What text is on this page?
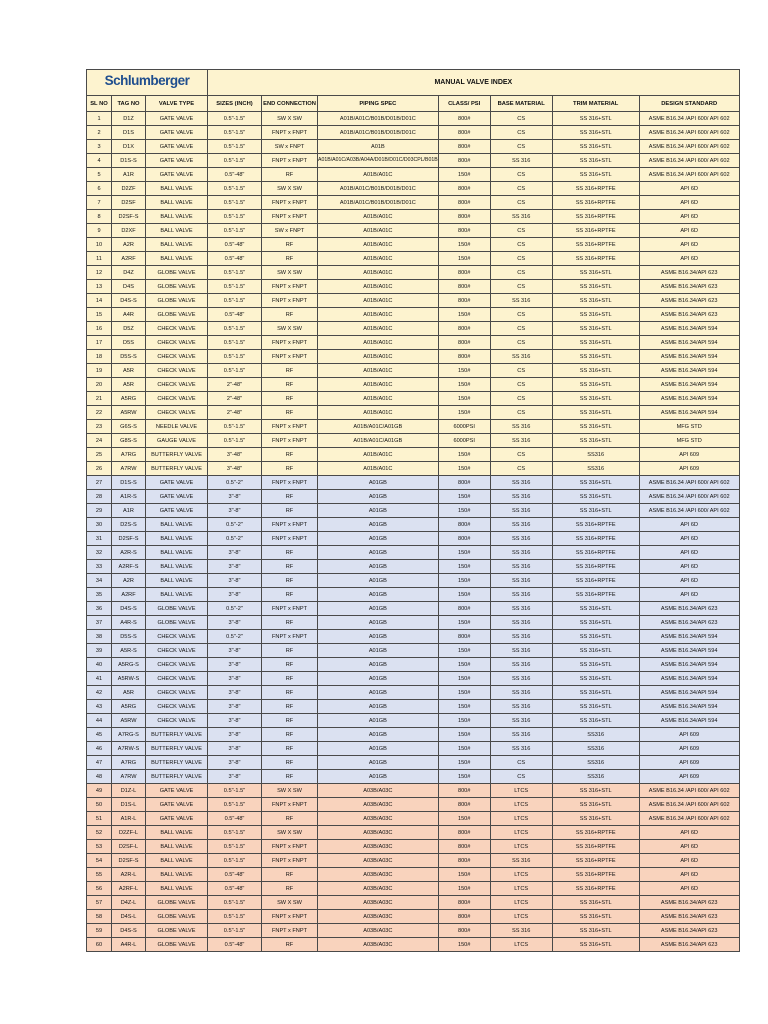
Schlumberger			MANUAL VALVE INDEX						
SL NO	TAG NO	VALVE TYPE	SIZES (INCH)	END CONNECTION	PIPING SPEC	CLASS/ PSI	BASE MATERIAL	TRIM MATERIAL	DESIGN STANDARD
1	D1Z	GATE VALVE	0.5"-1.5"	SW X SW	A01B/A01C/B01B/D01B/D01C	800#	CS	SS 316+STL	ASME B16.34 /API 600/ API 602
2	D1S	GATE VALVE	0.5"-1.5"	FNPT x FNPT	A01B/A01C/B01B/D01B/D01C	800#	CS	SS 316+STL	ASME B16.34 /API 600/ API 602
3	D1X	GATE VALVE	0.5"-1.5"	SW x FNPT	A01B	800#	CS	SS 316+STL	ASME B16.34 /API 600/ API 602
4	D1S-S	GATE VALVE	0.5"-1.5"	FNPT x FNPT	A01B/A01C/A03B/A04A/D01B/D01C/D03CPL/B01B	800#	SS 316	SS 316+STL	ASME B16.34 /API 600/ API 602
5	A1R	GATE VALVE	0.5"-48"	RF	A01B/A01C	150#	CS	SS 316+STL	ASME B16.34 /API 600/ API 602
6	D2ZF	BALL VALVE	0.5"-1.5"	SW X SW	A01B/A01C/B01B/D01B/D01C	800#	CS	SS 316+RPTFE	API 6D
7	D2SF	BALL VALVE	0.5"-1.5"	FNPT x FNPT	A01B/A01C/B01B/D01B/D01C	800#	CS	SS 316+RPTFE	API 6D
8	D2SF-S	BALL VALVE	0.5"-1.5"	FNPT x FNPT	A01B/A01C	800#	SS 316	SS 316+RPTFE	API 6D
9	D2XF	BALL VALVE	0.5"-1.5"	SW x FNPT	A01B/A01C	800#	CS	SS 316+RPTFE	API 6D
10	A2R	BALL VALVE	0.5"-48"	RF	A01B/A01C	150#	CS	SS 316+RPTFE	API 6D
11	A2RF	BALL VALVE	0.5"-48"	RF	A01B/A01C	150#	CS	SS 316+RPTFE	API 6D
12	D4Z	GLOBE VALVE	0.5"-1.5"	SW X SW	A01B/A01C	800#	CS	SS 316+STL	ASME B16.34/API 623
13	D4S	GLOBE VALVE	0.5"-1.5"	FNPT x FNPT	A01B/A01C	800#	CS	SS 316+STL	ASME B16.34/API 623
14	D4S-S	GLOBE VALVE	0.5"-1.5"	FNPT x FNPT	A01B/A01C	800#	SS 316	SS 316+STL	ASME B16.34/API 623
15	A4R	GLOBE VALVE	0.5"-48"	RF	A01B/A01C	150#	CS	SS 316+STL	ASME B16.34/API 623
16	D5Z	CHECK VALVE	0.5"-1.5"	SW X SW	A01B/A01C	800#	CS	SS 316+STL	ASME B16.34/API 594
17	D5S	CHECK VALVE	0.5"-1.5"	FNPT x FNPT	A01B/A01C	800#	CS	SS 316+STL	ASME B16.34/API 594
18	D5S-S	CHECK VALVE	0.5"-1.5"	FNPT x FNPT	A01B/A01C	800#	SS 316	SS 316+STL	ASME B16.34/API 594
19	A5R	CHECK VALVE	0.5"-1.5"	RF	A01B/A01C	150#	CS	SS 316+STL	ASME B16.34/API 594
20	A5R	CHECK VALVE	2"-48"	RF	A01B/A01C	150#	CS	SS 316+STL	ASME B16.34/API 594
21	A5RG	CHECK VALVE	2"-48"	RF	A01B/A01C	150#	CS	SS 316+STL	ASME B16.34/API 594
22	A5RW	CHECK VALVE	2"-48"	RF	A01B/A01C	150#	CS	SS 316+STL	ASME B16.34/API 594
23	G6S-S	NEEDLE VALVE	0.5"-1.5"	FNPT x FNPT	A01B/A01C/A01GB	6000PSI	SS 316	SS 316+STL	MFG STD
24	G8S-S	GAUGE VALVE	0.5"-1.5"	FNPT x FNPT	A01B/A01C/A01GB	6000PSI	SS 316	SS 316+STL	MFG STD
25	A7RG	BUTTERFLY VALVE	3"-48"	RF	A01B/A01C	150#	CS	SS316	API 609
26	A7RW	BUTTERFLY VALVE	3"-48"	RF	A01B/A01C	150#	CS	SS316	API 609
27	D1S-S	GATE VALVE	0.5"-2"	FNPT x FNPT	A01GB	800#	SS 316	SS 316+STL	ASME B16.34 /API 600/ API 602
28	A1R-S	GATE VALVE	3"-8"	RF	A01GB	150#	SS 316	SS 316+STL	ASME B16.34 /API 600/ API 602
29	A1R	GATE VALVE	3"-8"	RF	A01GB	150#	SS 316	SS 316+STL	ASME B16.34 /API 600/ API 602
30	D2S-S	BALL VALVE	0.5"-2"	FNPT x FNPT	A01GB	800#	SS 316	SS 316+RPTFE	API 6D
31	D2SF-S	BALL VALVE	0.5"-2"	FNPT x FNPT	A01GB	800#	SS 316	SS 316+RPTFE	API 6D
32	A2R-S	BALL VALVE	3"-8"	RF	A01GB	150#	SS 316	SS 316+RPTFE	API 6D
33	A2RF-S	BALL VALVE	3"-8"	RF	A01GB	150#	SS 316	SS 316+RPTFE	API 6D
34	A2R	BALL VALVE	3"-8"	RF	A01GB	150#	SS 316	SS 316+RPTFE	API 6D
35	A2RF	BALL VALVE	3"-8"	RF	A01GB	150#	SS 316	SS 316+RPTFE	API 6D
36	D4S-S	GLOBE VALVE	0.5"-2"	FNPT x FNPT	A01GB	800#	SS 316	SS 316+STL	ASME B16.34/API 623
37	A4R-S	GLOBE VALVE	3"-8"	RF	A01GB	150#	SS 316	SS 316+STL	ASME B16.34/API 623
38	D5S-S	CHECK VALVE	0.5"-2"	FNPT x FNPT	A01GB	800#	SS 316	SS 316+STL	ASME B16.34/API 594
39	A5R-S	CHECK VALVE	3"-8"	RF	A01GB	150#	SS 316	SS 316+STL	ASME B16.34/API 594
40	A5RG-S	CHECK VALVE	3"-8"	RF	A01GB	150#	SS 316	SS 316+STL	ASME B16.34/API 594
41	A5RW-S	CHECK VALVE	3"-8"	RF	A01GB	150#	SS 316	SS 316+STL	ASME B16.34/API 594
42	A5R	CHECK VALVE	3"-8"	RF	A01GB	150#	SS 316	SS 316+STL	ASME B16.34/API 594
43	A5RG	CHECK VALVE	3"-8"	RF	A01GB	150#	SS 316	SS 316+STL	ASME B16.34/API 594
44	A5RW	CHECK VALVE	3"-8"	RF	A01GB	150#	SS 316	SS 316+STL	ASME B16.34/API 594
45	A7RG-S	BUTTERFLY VALVE	3"-8"	RF	A01GB	150#	SS 316	SS316	API 609
46	A7RW-S	BUTTERFLY VALVE	3"-8"	RF	A01GB	150#	SS 316	SS316	API 609
47	A7RG	BUTTERFLY VALVE	3"-8"	RF	A01GB	150#	CS	SS316	API 609
48	A7RW	BUTTERFLY VALVE	3"-8"	RF	A01GB	150#	CS	SS316	API 609
49	D1Z-L	GATE VALVE	0.5"-1.5"	SW X SW	A03B/A03C	800#	LTCS	SS 316+STL	ASME B16.34 /API 600/ API 602
50	D1S-L	GATE VALVE	0.5"-1.5"	FNPT x FNPT	A03B/A03C	800#	LTCS	SS 316+STL	ASME B16.34 /API 600/ API 602
51	A1R-L	GATE VALVE	0.5"-48"	RF	A03B/A03C	150#	LTCS	SS 316+STL	ASME B16.34 /API 600/ API 602
52	D2ZF-L	BALL VALVE	0.5"-1.5"	SW X SW	A03B/A03C	800#	LTCS	SS 316+RPTFE	API 6D
53	D2SF-L	BALL VALVE	0.5"-1.5"	FNPT x FNPT	A03B/A03C	800#	LTCS	SS 316+RPTFE	API 6D
54	D2SF-S	BALL VALVE	0.5"-1.5"	FNPT x FNPT	A03B/A03C	800#	SS 316	SS 316+RPTFE	API 6D
55	A2R-L	BALL VALVE	0.5"-48"	RF	A03B/A03C	150#	LTCS	SS 316+RPTFE	API 6D
56	A2RF-L	BALL VALVE	0.5"-48"	RF	A03B/A03C	150#	LTCS	SS 316+RPTFE	API 6D
57	D4Z-L	GLOBE VALVE	0.5"-1.5"	SW X SW	A03B/A03C	800#	LTCS	SS 316+STL	ASME B16.34/API 623
58	D4S-L	GLOBE VALVE	0.5"-1.5"	FNPT x FNPT	A03B/A03C	800#	LTCS	SS 316+STL	ASME B16.34/API 623
59	D4S-S	GLOBE VALVE	0.5"-1.5"	FNPT x FNPT	A03B/A03C	800#	SS 316	SS 316+STL	ASME B16.34/API 623
60	A4R-L	GLOBE VALVE	0.5"-48"	RF	A03B/A03C	150#	LTCS	SS 316+STL	ASME B16.34/API 623
